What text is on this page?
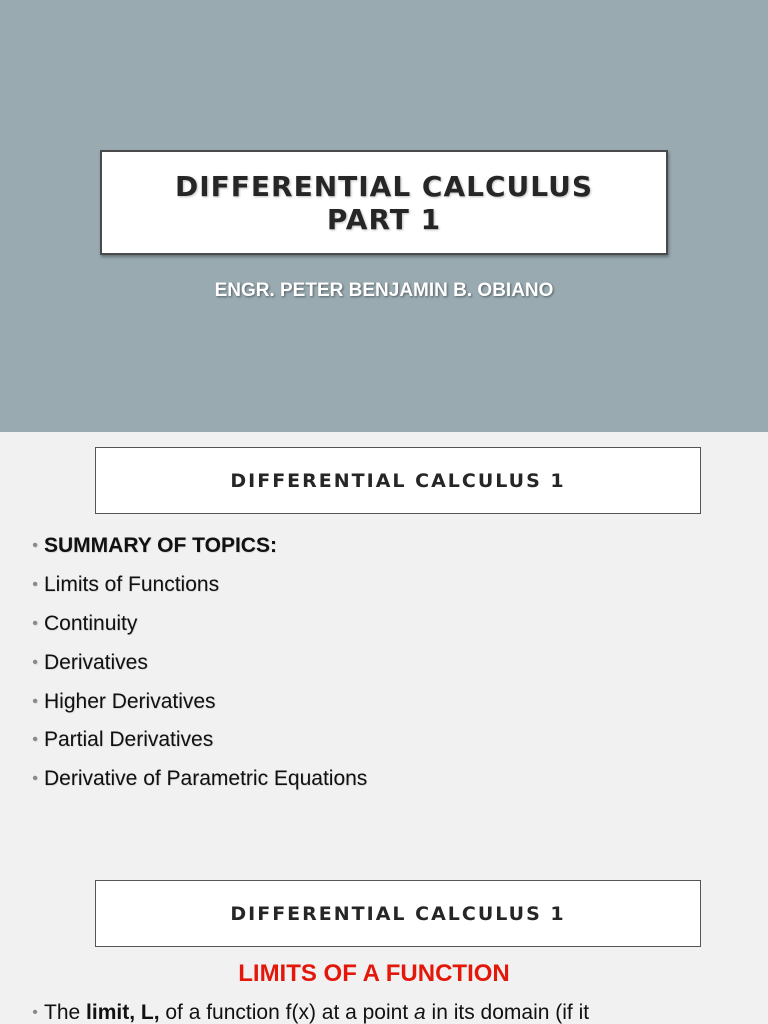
DIFFERENTIAL CALCULUS
PART 1
ENGR. PETER BENJAMIN B. OBIANO
DIFFERENTIAL CALCULUS 1
• SUMMARY OF TOPICS:
• Limits of Functions
• Continuity
• Derivatives
• Higher Derivatives
• Partial Derivatives
• Derivative of Parametric Equations
DIFFERENTIAL CALCULUS 1
LIMITS OF A FUNCTION
• The limit, L, of a function f(x) at a point a in its domain (if it
